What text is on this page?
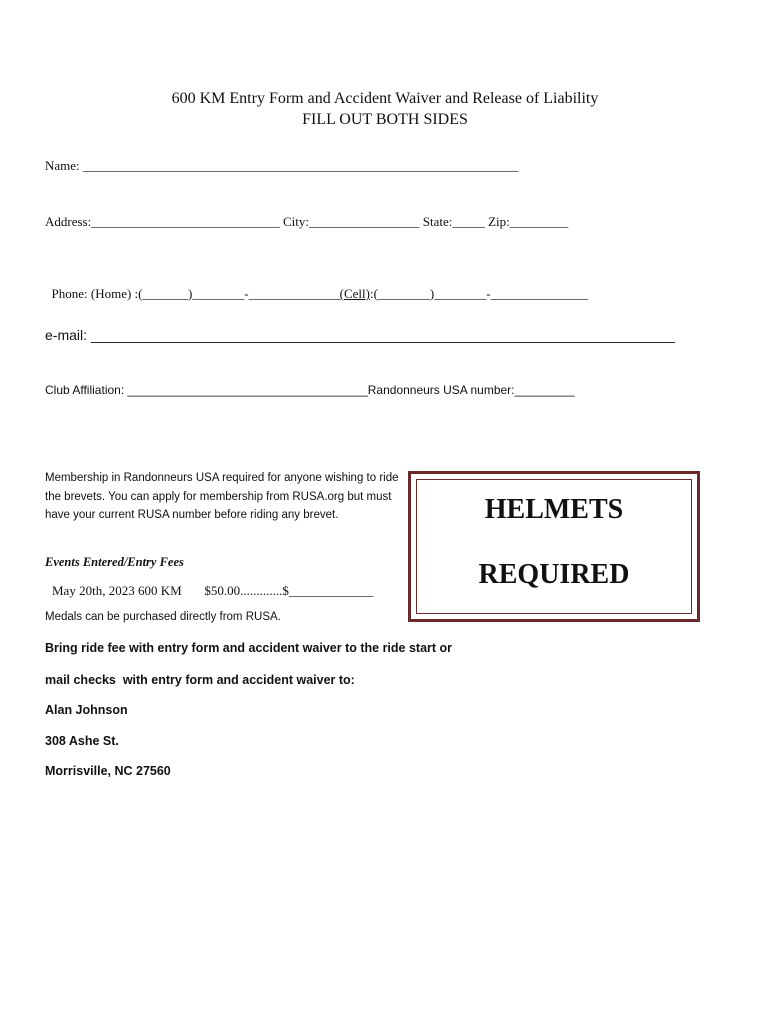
600 KM Entry Form and Accident Waiver and Release of Liability
FILL OUT BOTH SIDES
Name: ___________________________________________________________________
Address:_____________________________ City:_________________ State:_____ Zip:_________

Phone: (Home) :(_______)________-______________(Cell):(________)________-_______________

e-mail: ___________________________________________________________________________
Club Affiliation: ____________________________________Randonneurs USA number:_________
Membership in Randonneurs USA required for anyone wishing to ride the brevets. You can apply for membership from RUSA.org but must have your current RUSA number before riding any brevet.
Events Entered/Entry Fees
May 20th, 2023 600 KM       $50.00.............$_____________
Medals can be purchased directly from RUSA.
Bring ride fee with entry form and accident waiver to the ride start or
mail checks  with entry form and accident waiver to:
Alan Johnson
308 Ashe St.
Morrisville, NC 27560
HELMETS
REQUIRED
